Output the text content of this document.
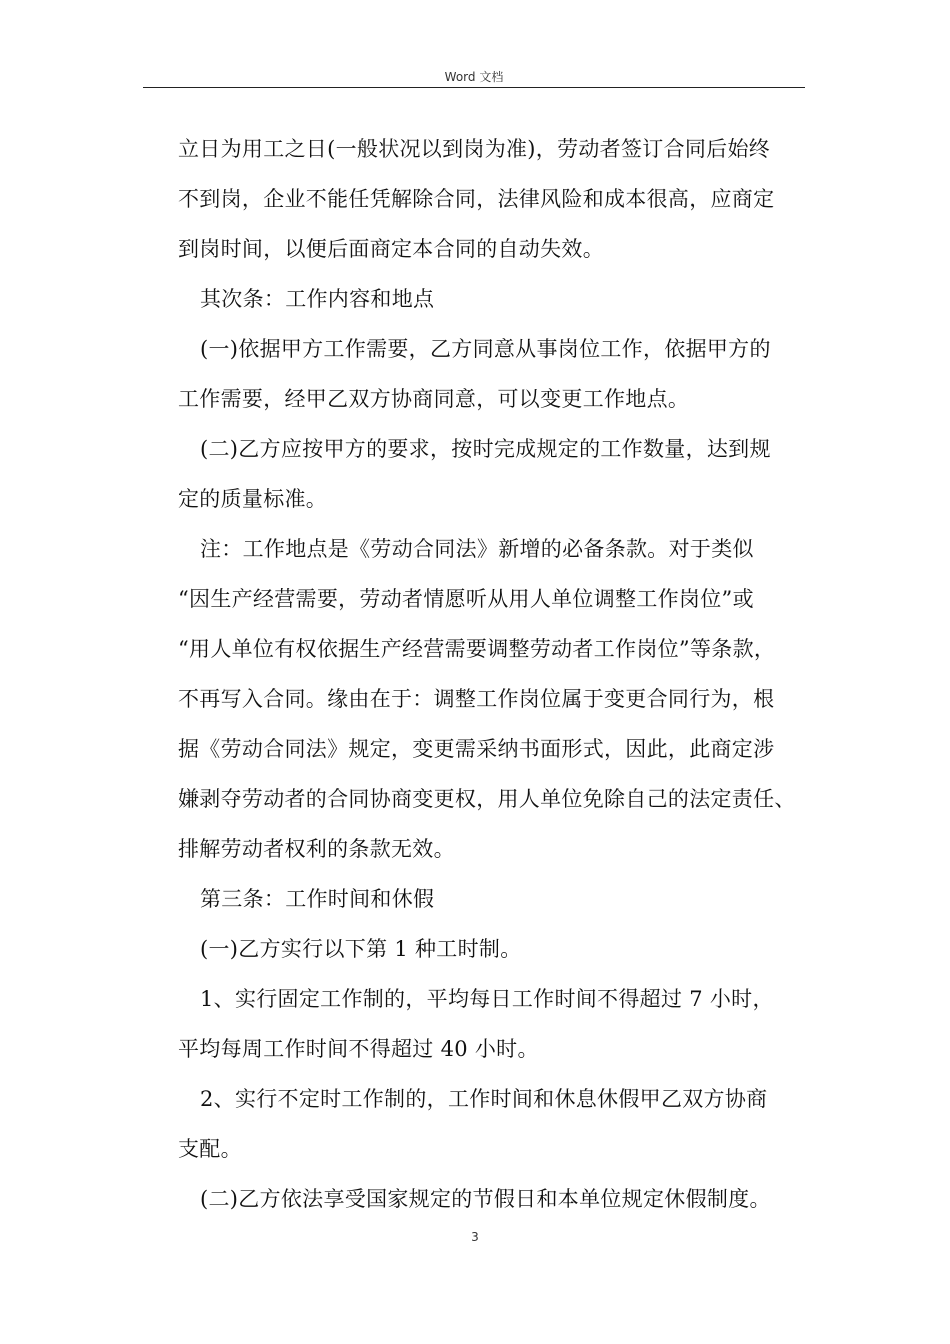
Word 文档
立日为用工之日(一般状况以到岗为准)，劳动者签订合同后始终
不到岗，企业不能任凭解除合同，法律风险和成本很高，应商定
到岗时间，以便后面商定本合同的自动失效。
其次条：工作内容和地点
(一)依据甲方工作需要，乙方同意从事岗位工作，依据甲方的
工作需要，经甲乙双方协商同意，可以变更工作地点。
(二)乙方应按甲方的要求，按时完成规定的工作数量，达到规
定的质量标准。
注：工作地点是《劳动合同法》新增的必备条款。对于类似
“因生产经营需要，劳动者情愿听从用人单位调整工作岗位”或
“用人单位有权依据生产经营需要调整劳动者工作岗位”等条款，
不再写入合同。缘由在于：调整工作岗位属于变更合同行为，根
据《劳动合同法》规定，变更需采纳书面形式，因此，此商定涉
嫌剥夺劳动者的合同协商变更权，用人单位免除自己的法定责任、
排解劳动者权利的条款无效。
第三条：工作时间和休假
(一)乙方实行以下第 1 种工时制。
1、实行固定工作制的，平均每日工作时间不得超过 7 小时，
平均每周工作时间不得超过 40 小时。
2、实行不定时工作制的，工作时间和休息休假甲乙双方协商
支配。
(二)乙方依法享受国家规定的节假日和本单位规定休假制度。
3
